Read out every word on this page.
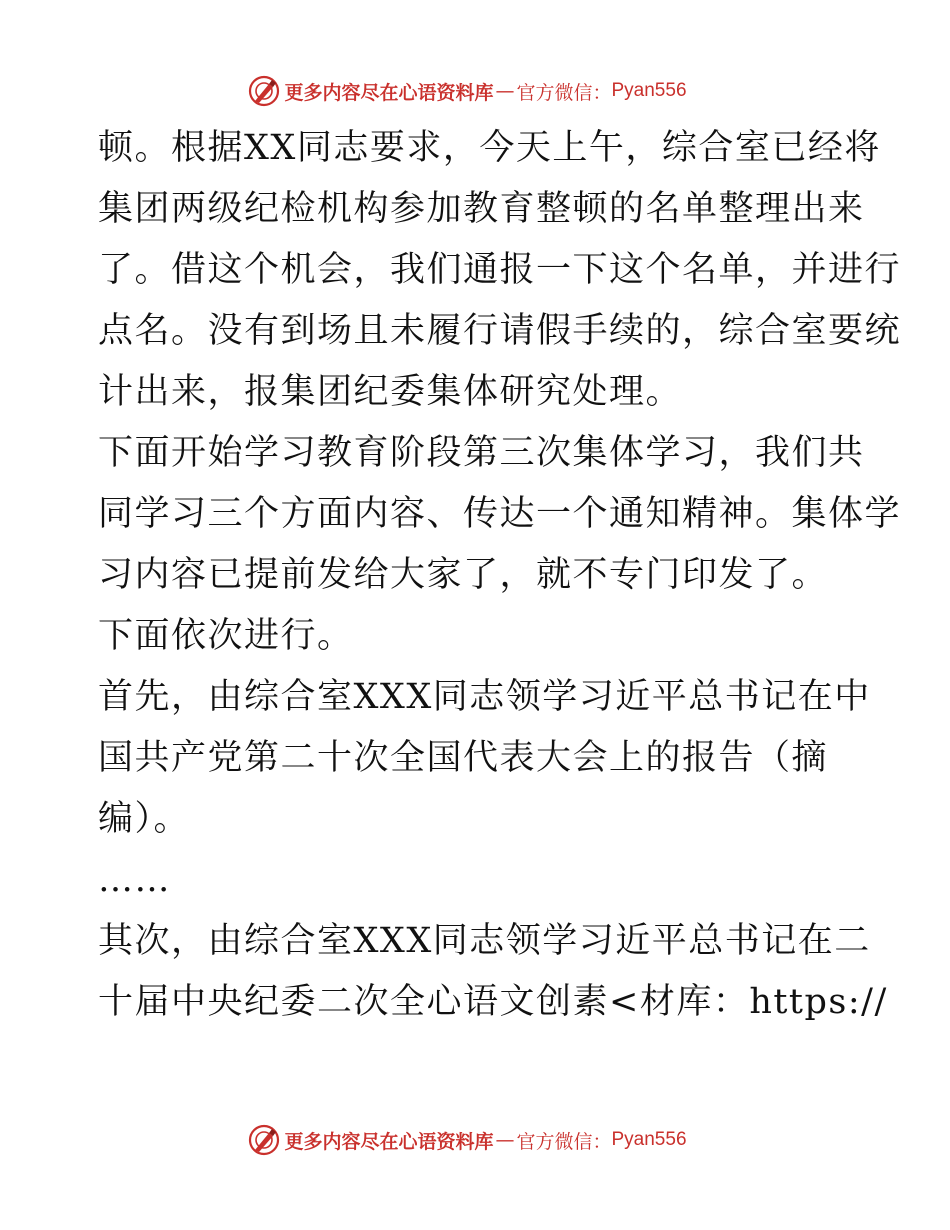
更多内容尽在心语资料库 — 官方微信： Pyan556
顿。根据XX同志要求，今天上午，综合室已经将
集团两级纪检机构参加教育整顿的名单整理出来
了。借这个机会，我们通报一下这个名单，并进行
点名。没有到场且未履行请假手续的，综合室要统
计出来，报集团纪委集体研究处理。
下面开始学习教育阶段第三次集体学习，我们共
同学习三个方面内容、传达一个通知精神。集体学
习内容已提前发给大家了，就不专门印发了。
下面依次进行。
首先，由综合室XXX同志领学习近平总书记在中
国共产党第二十次全国代表大会上的报告（摘
编）。
……
其次，由综合室XXX同志领学习近平总书记在二
十届中央纪委二次全心语文创素<材库：https://
更多内容尽在心语资料库 — 官方微信： Pyan556
